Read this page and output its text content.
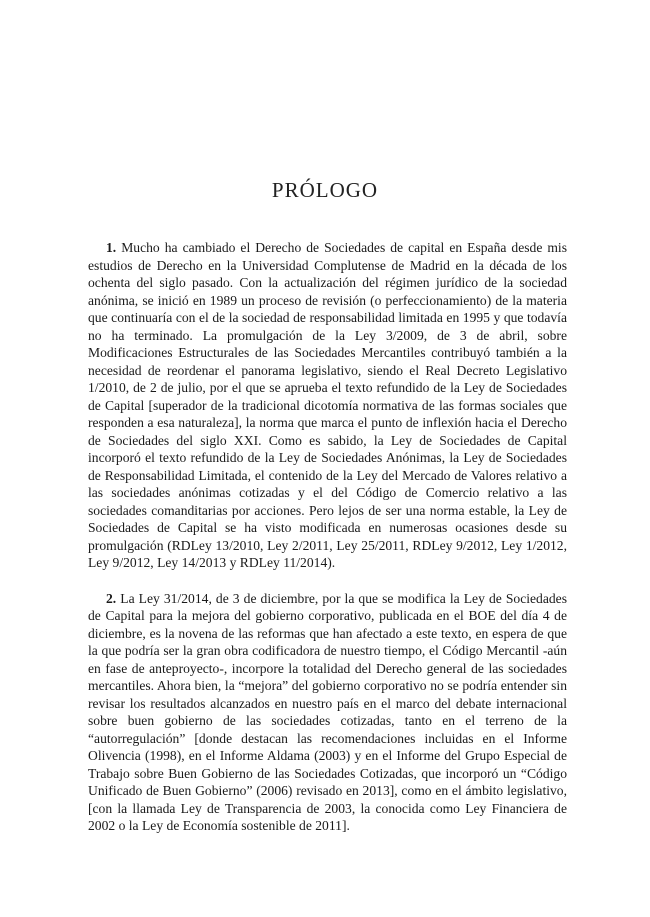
PRÓLOGO

1. Mucho ha cambiado el Derecho de Sociedades de capital en España desde mis estudios de Derecho en la Universidad Complutense de Madrid en la década de los ochenta del siglo pasado. Con la actualización del régimen jurídico de la sociedad anónima, se inició en 1989 un proceso de revisión (o perfeccionamiento) de la materia que continuaría con el de la sociedad de responsabilidad limitada en 1995 y que todavía no ha terminado. La promulgación de la Ley 3/2009, de 3 de abril, sobre Modificaciones Estructurales de las Sociedades Mercantiles contribuyó también a la necesidad de reordenar el panorama legislativo, siendo el Real Decreto Legislativo 1/2010, de 2 de julio, por el que se aprueba el texto refundido de la Ley de Sociedades de Capital [superador de la tradicional dicotomía normativa de las formas sociales que responden a esa naturaleza], la norma que marca el punto de inflexión hacia el Derecho de Sociedades del siglo XXI. Como es sabido, la Ley de Sociedades de Capital incorporó el texto refundido de la Ley de Sociedades Anónimas, la Ley de Sociedades de Responsabilidad Limitada, el contenido de la Ley del Mercado de Valores relativo a las sociedades anónimas cotizadas y el del Código de Comercio relativo a las sociedades comanditarias por acciones. Pero lejos de ser una norma estable, la Ley de Sociedades de Capital se ha visto modificada en numerosas ocasiones desde su promulgación (RDLey 13/2010, Ley 2/2011, Ley 25/2011, RDLey 9/2012, Ley 1/2012, Ley 9/2012, Ley 14/2013 y RDLey 11/2014).

2. La Ley 31/2014, de 3 de diciembre, por la que se modifica la Ley de Sociedades de Capital para la mejora del gobierno corporativo, publicada en el BOE del día 4 de diciembre, es la novena de las reformas que han afectado a este texto, en espera de que la que podría ser la gran obra codificadora de nuestro tiempo, el Código Mercantil -aún en fase de anteproyecto-, incorpore la totalidad del Derecho general de las sociedades mercantiles. Ahora bien, la “mejora” del gobierno corporativo no se podría entender sin revisar los resultados alcanzados en nuestro país en el marco del debate internacional sobre buen gobierno de las sociedades cotizadas, tanto en el terreno de la “autorregulación” [donde destacan las recomendaciones incluidas en el Informe Olivencia (1998), en el Informe Aldama (2003) y en el Informe del Grupo Especial de Trabajo sobre Buen Gobierno de las Sociedades Cotizadas, que incorporó un “Código Unificado de Buen Gobierno” (2006) revisado en 2013], como en el ámbito legislativo, [con la llamada Ley de Transparencia de 2003, la conocida como Ley Financiera de 2002 o la Ley de Economía sostenible de 2011].
